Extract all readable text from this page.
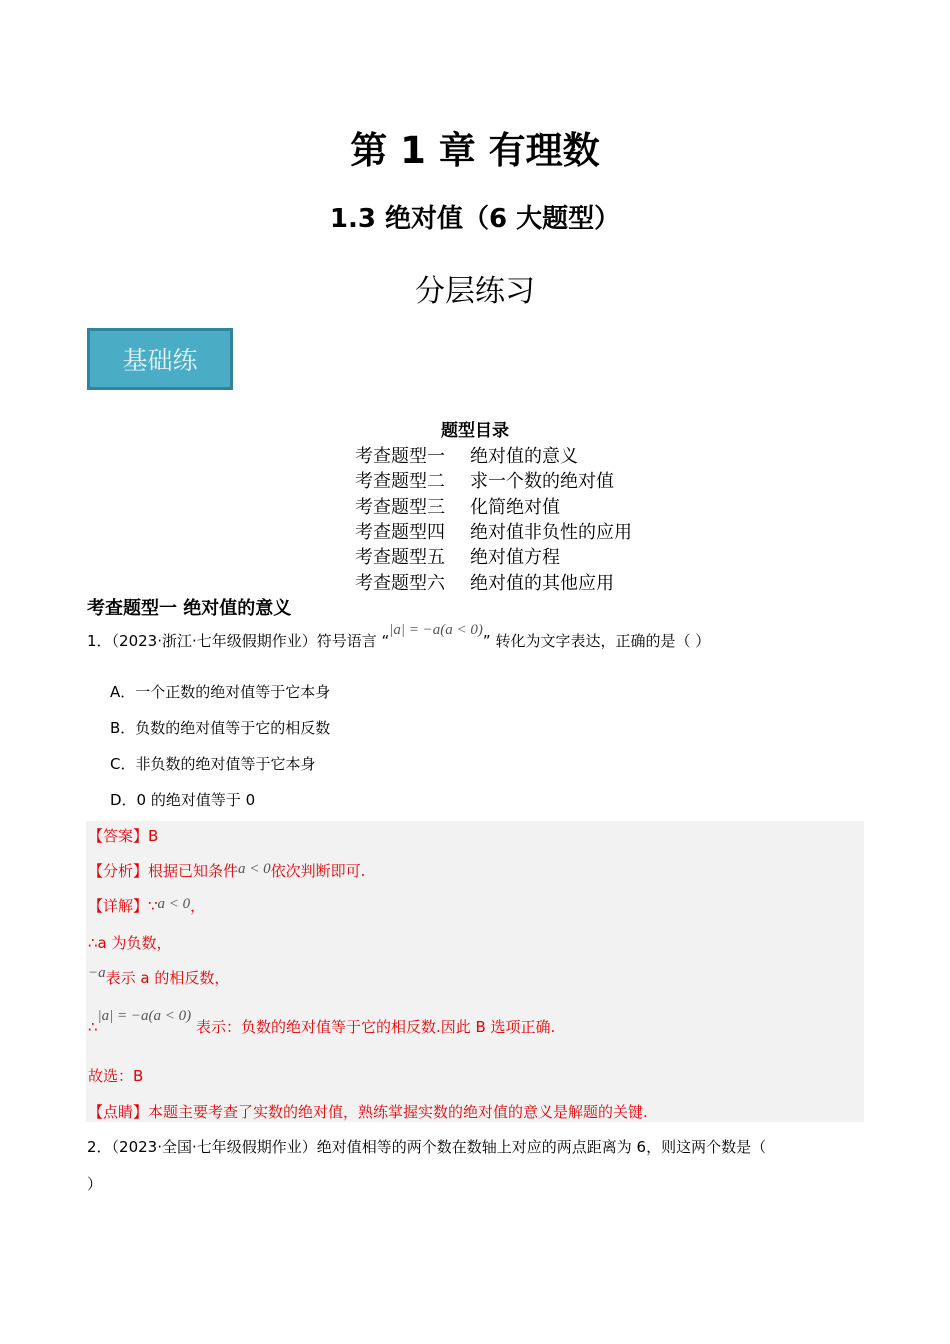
第 1 章 有理数
1.3 绝对值（6 大题型）
分层练习
基础练
题型目录
考查题型一 绝对值的意义
考查题型二 求一个数的绝对值
考查题型三 化简绝对值
考查题型四 绝对值非负性的应用
考查题型五 绝对值方程
考查题型六 绝对值的其他应用
考查题型一 绝对值的意义
1．（2023·浙江·七年级假期作业）符号语言 “|a| = −a(a < 0)” 转化为文字表达，正确的是（ ）
A．一个正数的绝对值等于它本身
B．负数的绝对值等于它的相反数
C．非负数的绝对值等于它本身
D．0 的绝对值等于 0
【答案】B
【分析】根据已知条件a < 0依次判断即可.
【详解】∵a < 0，
∴a 为负数，
−a表示 a 的相反数，
∴|a| = −a(a < 0) 表示：负数的绝对值等于它的相反数.因此 B 选项正确.
故选：B
【点睛】本题主要考查了实数的绝对值，熟练掌握实数的绝对值的意义是解题的关键.
2．（2023·全国·七年级假期作业）绝对值相等的两个数在数轴上对应的两点距离为 6，则这两个数是（
）
